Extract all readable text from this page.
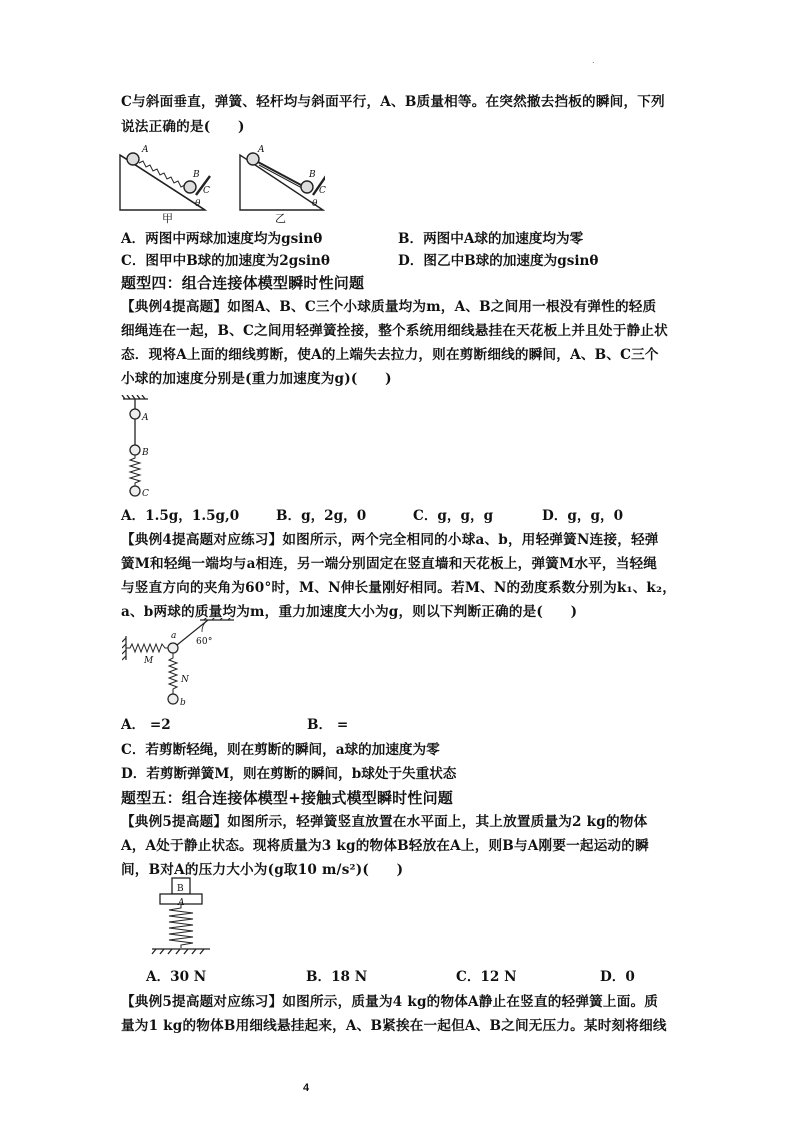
.
C与斜面垂直，弹簧、轻杆均与斜面平行，A、B质量相等。在突然撤去挡板的瞬间，下列
说法正确的是(　　)
A
B
C
θ
甲
A
B
C
θ
乙
A．两图中两球加速度均为gsinθ	B．两图中A球的加速度均为零
C．图甲中B球的加速度为2gsinθ	D．图乙中B球的加速度为gsinθ
题型四：组合连接体模型瞬时性问题
【典例4提高题】如图A、B、C三个小球质量均为m，A、B之间用一根没有弹性的轻质
细绳连在一起，B、C之间用轻弹簧拴接，整个系统用细线悬挂在天花板上并且处于静止状
态．现将A上面的细线剪断，使A的上端失去拉力，则在剪断细线的瞬间，A、B、C三个
小球的加速度分别是(重力加速度为g)(　　)
A
B
C
A．1.5g，1.5g,0	B．g，2g，0	C．g，g，g	D．g，g，0
【典例4提高题对应练习】如图所示，两个完全相同的小球a、b，用轻弹簧N连接，轻弹
簧M和轻绳一端均与a相连，另一端分别固定在竖直墙和天花板上，弹簧M水平，当轻绳
与竖直方向的夹角为60°时，M、N伸长量刚好相同。若M、N的劲度系数分别为k₁、k₂，
a、b两球的质量均为m，重力加速度大小为g，则以下判断正确的是(　　)
a
60°
M
N
b
A． =2	B． =
C．若剪断轻绳，则在剪断的瞬间，a球的加速度为零
D．若剪断弹簧M，则在剪断的瞬间，b球处于失重状态
题型五：组合连接体模型+接触式模型瞬时性问题
【典例5提高题】如图所示，轻弹簧竖直放置在水平面上，其上放置质量为2 kg的物体
A，A处于静止状态。现将质量为3 kg的物体B轻放在A上，则B与A刚要一起运动的瞬
间，B对A的压力大小为(g取10 m/s²)(　　)
B
A
A．30 N	B．18 N	C．12 N	D．0
【典例5提高题对应练习】如图所示，质量为4 kg的物体A静止在竖直的轻弹簧上面。质
量为1 kg的物体B用细线悬挂起来，A、B紧挨在一起但A、B之间无压力。某时刻将细线
4
